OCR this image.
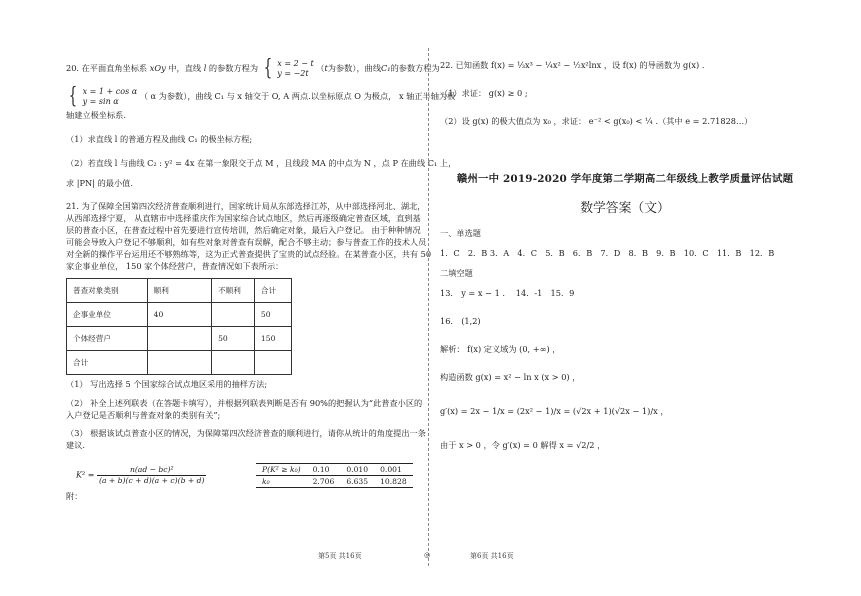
20. 在平面直角坐标系 xOy 中，直线 l 的参数方程为 { x = 2 − t
y = −2t （t为参数），曲线C₁的参数方程为

{ x = 1 + cos α
y = sin α （ α 为参数），曲线 C₁ 与 x 轴交于 O, A 两点.以坐标原点 O 为极点， x 轴正半轴为极

轴建立极坐标系.

（1）求直线 l 的普通方程及曲线 C₁ 的极坐标方程;

（2）若直线 l 与曲线 C₂ : y² = 4x 在第一象限交于点 M ，且线段 MA 的中点为 N ，点 P 在曲线 C₁ 上，

求 |PN| 的最小值.

21. 为了保障全国第四次经济普查顺利进行，国家统计局从东部选择江苏，从中部选择河北、湖北，

从西部选择宁夏， 从直辖市中选择重庆作为国家综合试点地区，然后再逐级确定普查区域，直到基

层的普查小区，在普查过程中首先要进行宣传培训，然后确定对象，最后入户登记。 由于种种情况

可能会导致入户登记不够顺利，如有些对象对普查有误解，配合不够主动；参与普查工作的技术人员

对全新的操作平台运用还不够熟练等，这为正式普查提供了宝贵的试点经验。在某普查小区，共有 50

家企事业单位， 150 家个体经营户，普查情况如下表所示：

普查对象类别	顺利	不顺利	合计
企事业单位	40		50
个体经营户		50	150
合计			

（1） 写出选择 5 个国家综合试点地区采用的抽样方法;

（2） 补全上述列联表（在答题卡填写），并根据列联表判断是否有 90%的把握认为“此普查小区的

入户登记是否顺利与普查对象的类别有关”;

（3） 根据该试点普查小区的情况，为保障第四次经济普查的顺利进行，请你从统计的角度提出一条

建议.

$K^2 = \frac{\text{n(ad − bc)²}}{(a + b)(c + d)(a + c)(b + d)}$	P(K² ≥ k₀)	0.10	0.010	0.001
k₀	2.706	6.635	10.828
附：

22. 已知函数 f(x) = ⅓x³ − ¼x² − ½x²lnx ，设 f(x) 的导函数为 g(x) .

（1）求证： g(x) ≥ 0 ;

（2）设 g(x) 的极大值点为 x₀ ，求证： e⁻² < g(x₀) < ¼ .（其中 e = 2.71828…）

赣州一中 2019-2020 学年度第二学期高二年级线上教学质量评估试题
数学答案（文）

一、单选题

1．C　2．B 3．A　4．C　5．B　6．B　7．D　8．B　9．B　10．C　11．B　12．B

二填空题

13． y = x − 1 .　 14．-1　15．9

16． (1,2)

解析： f(x) 定义域为 (0, +∞) ，

构造函数 g(x) = x² − ln x (x > 0) ，

g′(x) = 2x − 1/x = (2x² − 1)/x = (√2x + 1)(√2x − 1)/x ，

由于 x > 0 ，令 g′(x) = 0 解得 x = √2/2 ，

第5页 共16页	◎	第6页 共16页
